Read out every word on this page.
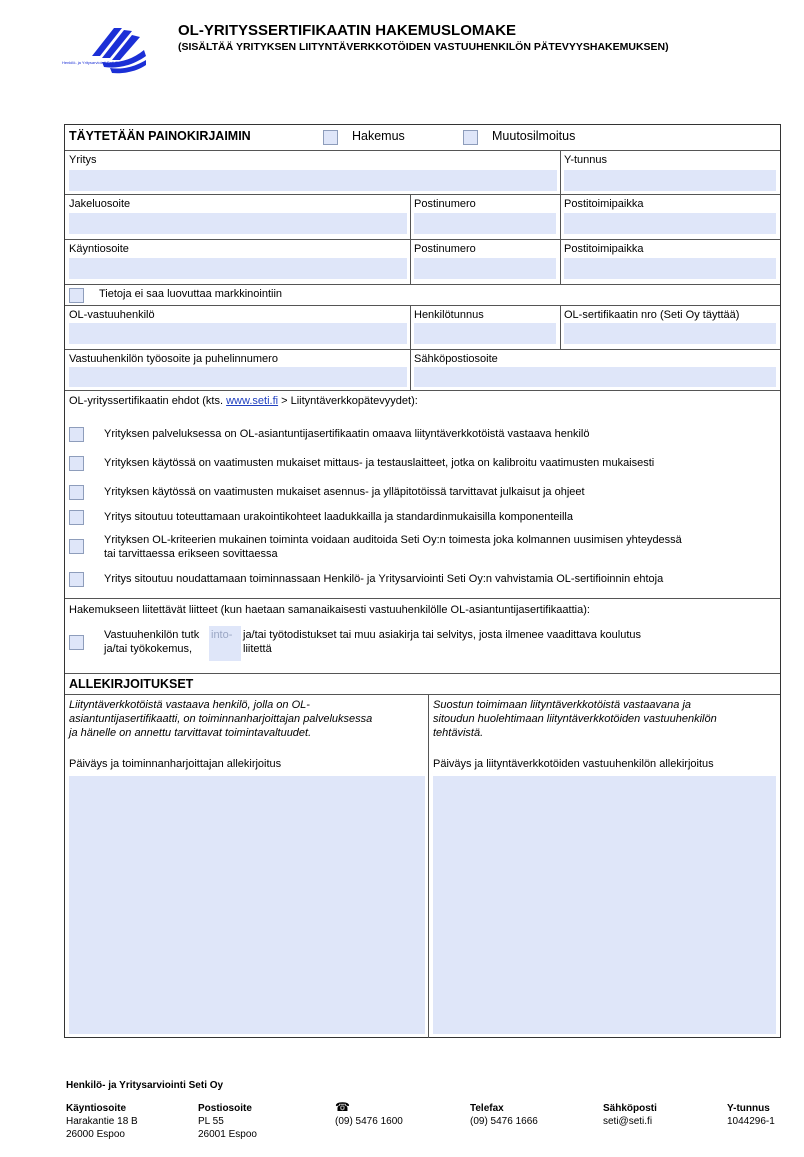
Henkilö- ja Yritysarviointi Seti Oy
OL-YRITYSSERTIFIKAATIN HAKEMUSLOMAKE
(SISÄLTÄÄ YRITYKSEN LIITYNTÄVERKKOTÖIDEN VASTUUHENKILÖN PÄTEVYYSHAKEMUKSEN)
TÄYTETÄÄN PAINOKIRJAIMIN	Hakemus	Muutosilmoitus
Yritys	Y-tunnus
Jakeluosoite	Postinumero	Postitoimipaikka
Käyntiosoite	Postinumero	Postitoimipaikka
Tietoja ei saa luovuttaa markkinointiin
OL-vastuuhenkilö	Henkilötunnus	OL-sertifikaatin nro (Seti Oy täyttää)
Vastuuhenkilön työosoite ja puhelinnumero	Sähköpostiosoite
OL-yrityssertifikaatin ehdot (kts. www.seti.fi > Liityntäverkkopätevyydet):
Yrityksen palveluksessa on OL-asiantuntijasertifikaatin omaava liityntäverkkotöistä vastaava henkilö
Yrityksen käytössä on vaatimusten mukaiset mittaus- ja testauslaitteet, jotka on kalibroitu vaatimusten mukaisesti
Yrityksen käytössä on vaatimusten mukaiset asennus- ja ylläpitotöissä tarvittavat julkaisut ja ohjeet
Yritys sitoutuu toteuttamaan urakointikohteet laadukkailla ja standardinmukaisilla komponenteilla
Yrityksen OL-kriteerien mukainen toiminta voidaan auditoida Seti Oy:n toimesta joka kolmannen uusimisen yhteydessä
tai tarvittaessa erikseen sovittaessa
Yritys sitoutuu noudattamaan toiminnassaan Henkilö- ja Yritysarviointi Seti Oy:n vahvistamia OL-sertifioinnin ehtoja
Hakemukseen liitettävät liitteet (kun haetaan samanaikaisesti vastuuhenkilölle OL-asiantuntijasertifikaattia):
Vastuuhenkilön tutk into- ja/tai työtodistukset tai muu asiakirja tai selvitys, josta ilmenee vaadittava koulutus
ja/tai työkokemus,	liitettä
ALLEKIRJOITUKSET
Liityntäverkkotöistä vastaava henkilö, jolla on OL-
asiantuntijasertifikaatti, on toiminnanharjoittajan palveluksessa
ja hänelle on annettu tarvittavat toimintavaltuudet.
Päiväys ja toiminnanharjoittajan allekirjoitus
Suostun toimimaan liityntäverkkotöistä vastaavana ja
sitoudun huolehtimaan liityntäverkkotöiden vastuuhenkilön
tehtävistä.
Päiväys ja liityntäverkkotöiden vastuuhenkilön allekirjoitus
Henkilö- ja Yritysarviointi Seti Oy
Käyntiosoite
Harakantie 18 B
26000 Espoo
Postiosoite
PL 55
26001 Espoo
☎
(09) 5476 1600
Telefax
(09) 5476 1666
Sähköposti
seti@seti.fi
Y-tunnus
1044296-1
